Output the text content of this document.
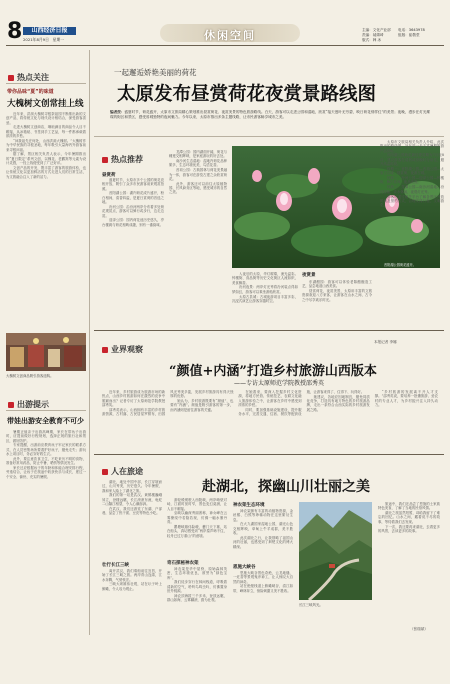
8	山西经济日报
2021年8月9日　星期一	休闲空间	主编：文化产业部
责编：郝婧琦
版式：韩 冰
电话：3643978
组版：崔敬堂
热点关注
带你品味“夏”的味道
大槐树文创常挂上线

近年来，洪洞大槐树寻根祭祖园不断推出新的文创产品，将传统文化与现代设计相结合，深受游客喜爱。

走进大槐树文创商店，琳琅满目的商品令人目不暇接，从冰箱贴、书签到手工艺品，每一件都承载着浓浓的乡愁。

“问我祖先在何处，山西洪洞大槐树。”大槐树作为中华民族的寻根圣地，每年吸引大量海内外游客前来寻根问祖。

据了解，景区相关负责人表示，今年暑期推出的“夏日限定”系列文创，以槐花、老鹳窝等元素为设计灵感，一经上线便受到了广泛好评。

文创产品的开发，既丰富了游客的旅游体验，也让传统文化以更加鲜活的方式走进人们的日常生活，为文旅融合注入了新的活力。

大槐树文创商品吸引游客选购。
出游提示
带娃出游安全教育不可少

暑期正值亲子出游高峰期，家长在带孩子出游时，应提前做好行程规划，选择正规的旅行社和景区，做好防护。

专家提醒，出游前应教育孩子牢记家长的联系方式，在人员密集场所要看护好孩子，避免走失；游玩水上项目时，务必穿好救生衣。

此外，要注意饮食卫生，不吃来历不明的食物，准备好常用药品，防止中暑、晒伤等情况发生。

家长还应根据孩子的年龄和体能合理安排行程，劳逸结合，让孩子在旅途中收获快乐与成长，度过一个安全、愉快、充实的暑假。

一起邂逅娇艳美丽的荷花
太原发布昼赏荷花夜赏景路线图
编者按：盛夏时节，荷花盛开，太原市文旅局精心策划推出昼赏荷花、夜赏美景的特色旅游路线。白天，游客可以走进公园和湿地，欣赏“接天莲叶无穷碧，映日荷花别样红”的美景；夜晚，漫步在灯光璀璨的街区和景区，感受省城独特的夜间魅力。今年以来，太原市推出多条主题线路，让市民游客畅享城市之美。
热点推荐
昼赏荷

盛夏时节，太原市多个公园的荷花竞相开放，吸引了众多市民游客前来观赏拍照。

晋阳湖公园：湖内荷花成片盛开，粉白相间，清香四溢，是夏日赏荷的首选之地。

汾河公园：沿汾河两岸分布着多处荷花观赏点，游客可以骑行或步行，边走边赏。

迎泽公园：园内荷花池历史悠久，亭台楼阁与荷花相映成趣，别有一番韵味。

龙潭公园：园内湖面开阔，荷花与睡莲交相辉映，是家庭游玩的好去处。

南沙河生态湿地：湿地内荷花品种繁多，生态环境优美，鸟语花香。

晋祠公园：古典园林与荷花美景融为一体，游客可在游览古建之余欣赏荷花。

此外，游客还可以前往太原植物园、长风商务区等地，感受城市的自然之美。

晋阳湖公园荷花盛开。
夜赏景

入夜后的太原，华灯璀璨，流光溢彩。钟楼街、食品街等历史文化街区人流如织，美食飘香。

汾河夜景：两岸灯光秀将汾河装点得如梦如幻，游客可以乘坐游船欣赏。

太原古县城：古城夜游项目丰富多彩，沉浸式演艺让游客穿越时空。

东湖醋园：游客可以体验老陈醋酿造工艺，品尝地道山西美食。

昼赏荷花，夜赏美景，太原用丰富的文旅资源欢迎八方来客，让游客在山水之间、古今之中尽享欢乐时光。

太原市文旅局相关负责人介绍，此次推出的路线图，旨在进一步丰富暑期旅游产品供给。

晋阳湖公园荷花最佳观赏期为7月至8月，建议游客在清晨或傍晚时分前往，避开高温时段。

线路一：晋阳湖公园—晋祠公园—太原古县城，昼赏荷、夜游古城。

线路二：汾河公园—迎泽公园—钟楼街，骑行赏荷，夜品美食。

线路三：龙潭公园—南沙河湿地—汾河游船，亲水休闲，夜观灯光秀。

游客可通过相关平台了解各景区开放时间及预约方式，合理安排行程，文明游览。

业界观察
“颜值+内涵”打造乡村旅游山西版本
——专访太原师范学院教授邵秀英
本报记者 李娜

近年来，乡村旅游成为旅游市场的新热点，山西乡村旅游如何在激烈的竞争中脱颖而出？记者专访了太原师范学院教授邵秀英。

邵秀英表示，山西拥有丰富的乡村旅游资源，古村落、古民居星罗棋布，田园风光秀美多姿，发展乡村旅游具有得天独厚的优势。

她认为，乡村旅游既要有“颜值”，也要有“内涵”。颜值是吸引游客的第一步，而内涵则是留住游客的关键。

在她看来，要深入挖掘乡村文化资源，将地方民俗、传统技艺、农耕文化融入旅游体验之中，让游客在乡村中感受到浓浓的乡愁。

同时，要加强基础设施建设，提升服务水平，完善交通、住宿、餐饮等配套设施，让游客来得了、住得下、玩得好。

她建议，各地应因地制宜，避免同质化竞争，打造具有地方特色的乡村旅游品牌，走出一条符合山西实际的乡村旅游发展之路。

“乡村旅游的发展离不开人才支撑。”邵秀英说，要培养一批懂旅游、爱农村的专业人才，为乡村振兴注入持久动力。

人在旅途
赴湖北，探幽山川壮丽之美

湖北，地处中国中部，长江穿境而过，山川秀美，历史悠久。今年暑假，我和家人踏上了湖北之旅。

我们的第一站是武汉。黄鹤楼巍峨耸立，登楼远眺，长江滚滚东流，龟蛇二山隔江相望，令人心潮澎湃。

在武汉，我们还游览了东湖、户部巷，品尝了热干面、豆皮等特色小吃。

壮行长江三峡

离开武汉，我们乘船前往宜昌，开始了长江三峡之旅。两岸青山连绵，江水奔腾，气势恢宏。

三峡大坝雄伟壮观，站在坛子岭上俯瞰，令人叹为观止。

游轮缓缓驶入西陵峡，两岸峭壁对峙，江面时宽时窄，景色变幻莫测，让人目不暇接。

巫峡以幽深秀丽著称，神女峰在云雾缭绕中若隐若现，仿佛一幅水墨丹青。

瞿塘峡雄伟险峻，夔门天下雄，站在船头，真切感受到“两岸猿声啼不住，轻舟已过万重山”的意境。

奇石探秘神农架

神农架是华中屋脊，原始森林茂密，生态环境优良，被誉为“绿色宝库”。

我们徒步穿行在林间栈道，呼吸着清新的空气，聆听鸟鸣虫吟，仿佛置身世外桃源。

神农顶海拔三千多米，登顶远眺，群山如海，云雾翻滚，蔚为壮观。

神农架生态环境

神农架拥有丰富的动植物资源，金丝猴、白熊等珍稀动物在这里繁衍生息。

在大九湖国家湿地公园，湖光山色交相辉映，草甸上牛羊成群，美不胜收。

此次湖北之行，让我领略了祖国山河的壮丽，也感受到了荆楚文化的博大精深。

恩施大峡谷

恩施大峡谷景色奇绝，云龙地缝、一炷香等景观鬼斧神工，让人惊叹大自然的神奇。

站在绝壁栈道上俯瞰峡谷，清江如带，峰林耸立，惊险刺激又美不胜收。

长江三峡风光。

旅途中，我们还品尝了恩施的土家族特色美食，了解了当地的民俗风情。

湖北之旅虽然短暂，却给我留下了难忘的回忆。山水之间，藏着说不尽的故事，等待着我们去发现。

下一次，我还要再来湖北，去看更多的风景，去读更多的故事。

（张瑞斌）
